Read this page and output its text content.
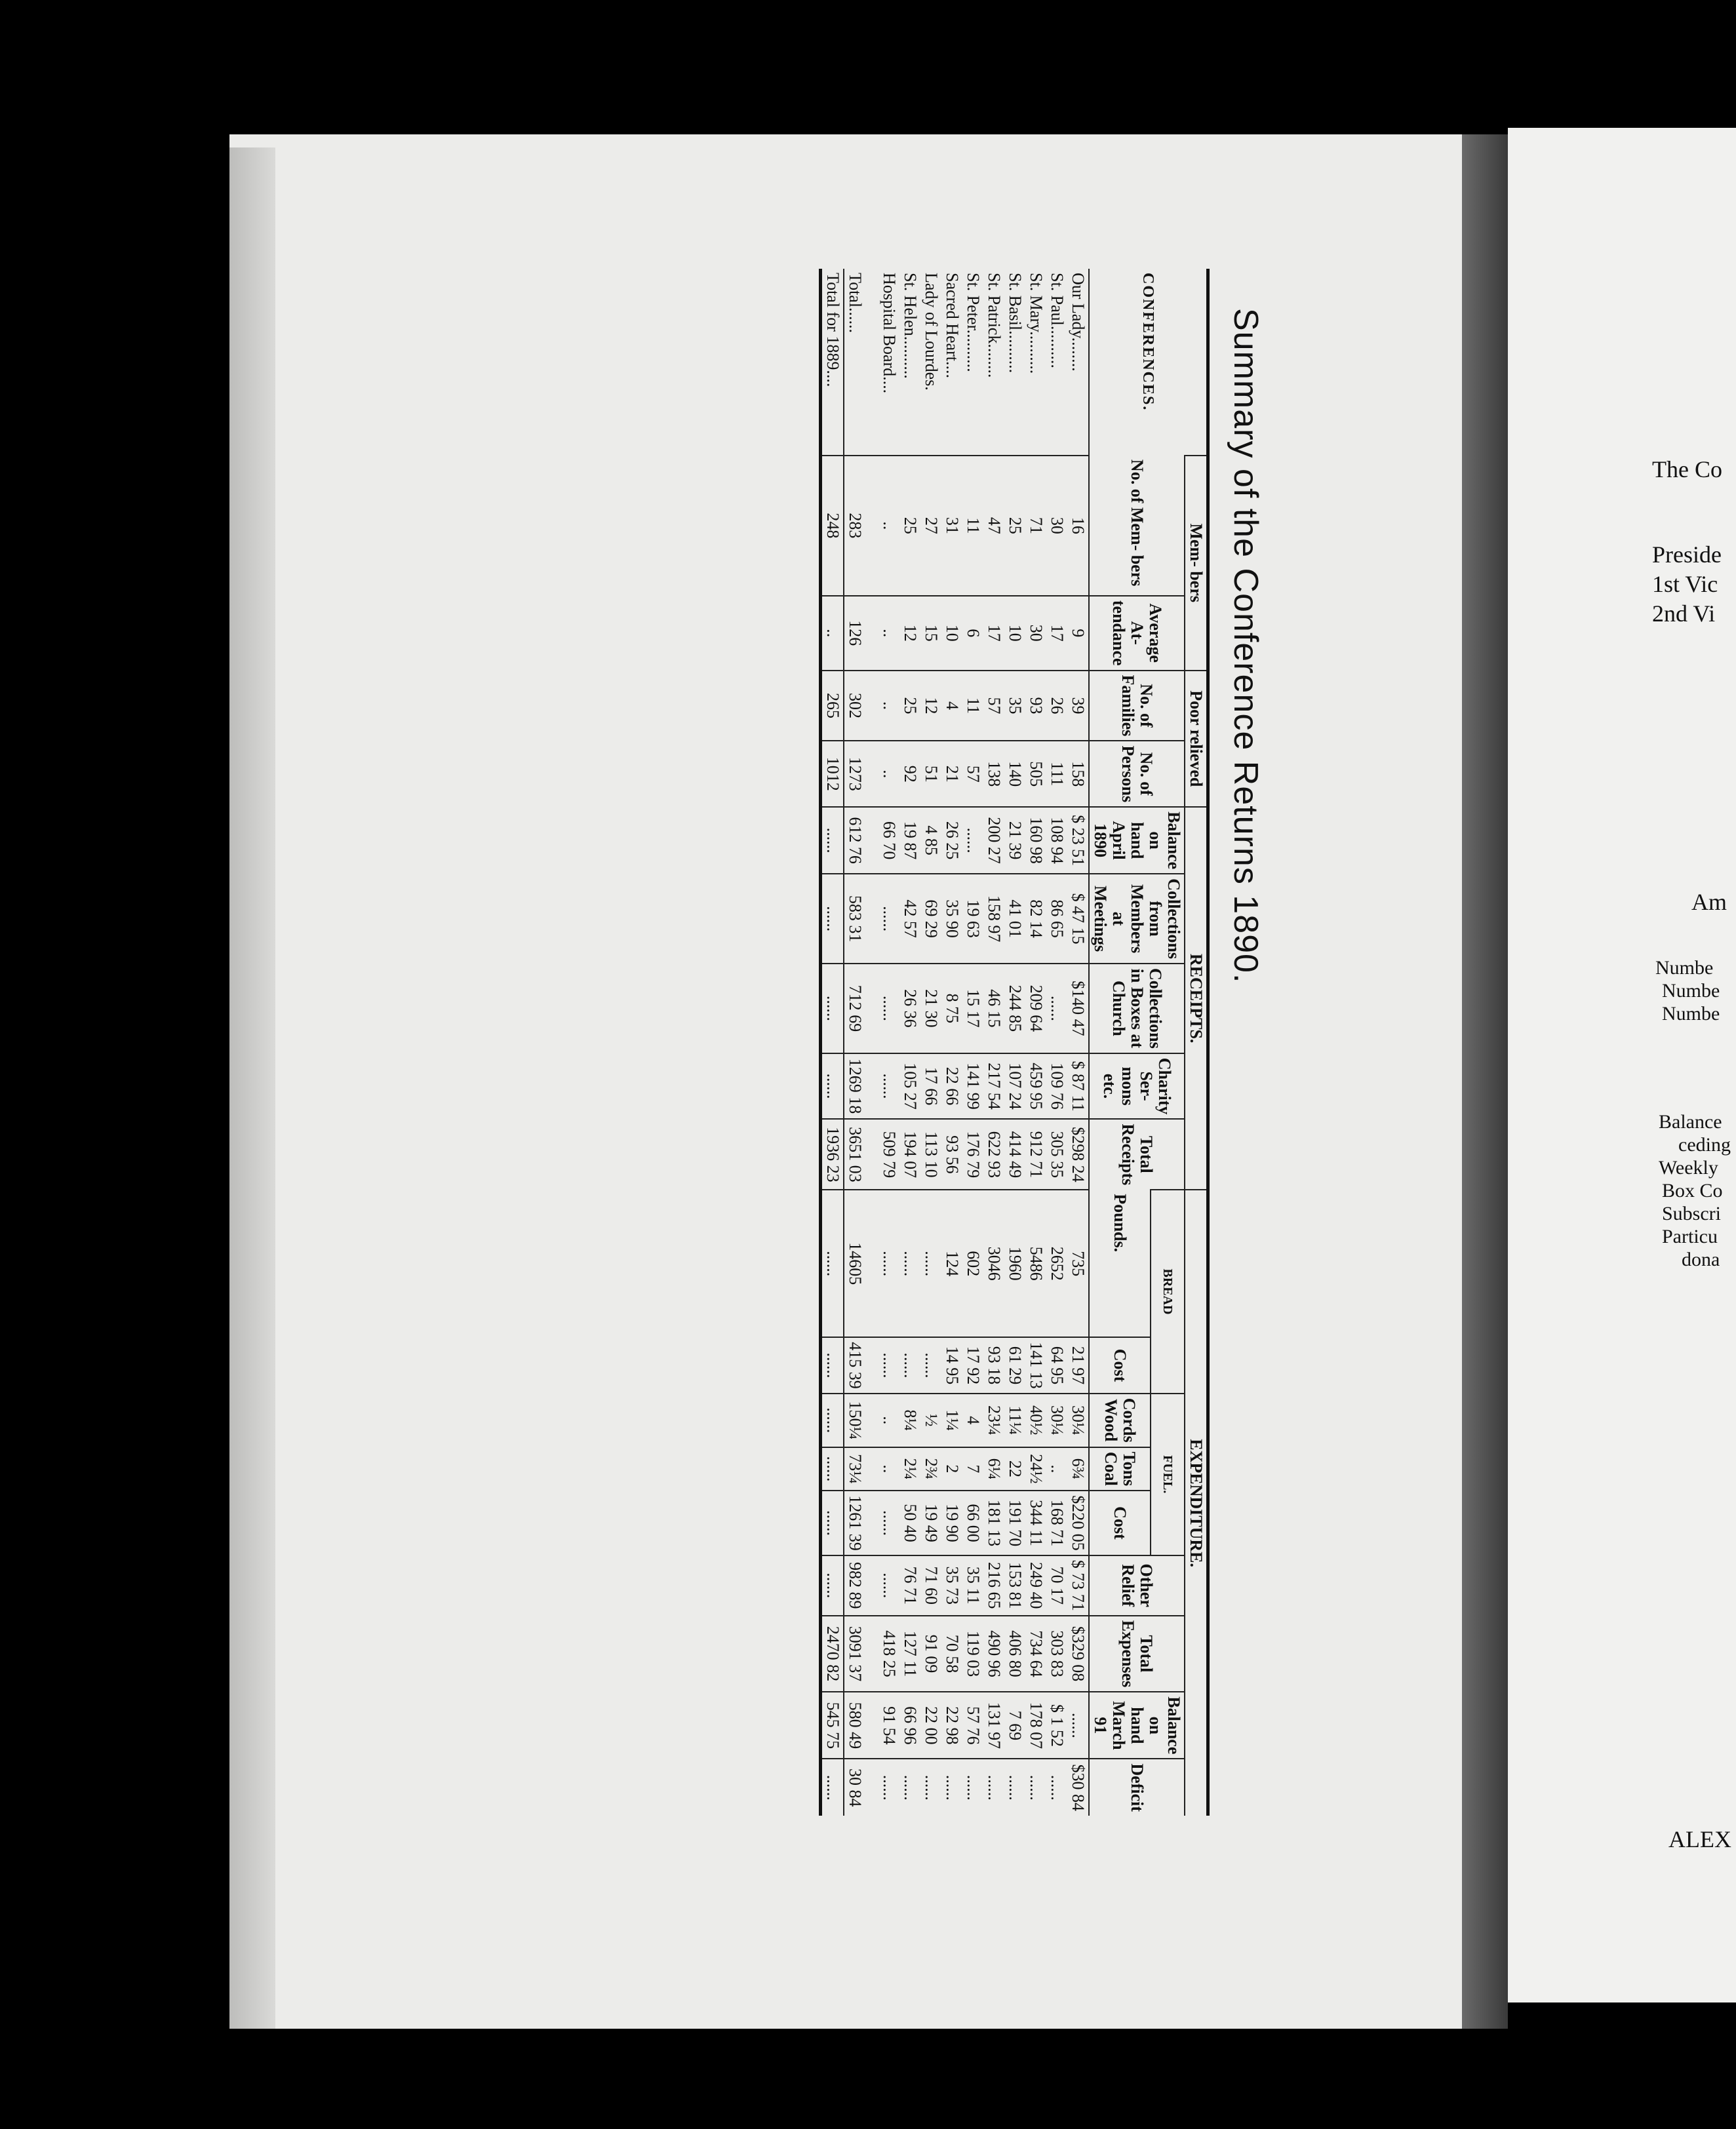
The Co
Preside
1st Vic
2nd Vi
Am
Numbe
Numbe
Numbe
Balance
ceding
Weekly
Box Co
Subscri
Particu
dona
ALEX
Summary of the Conference Returns 1890.
CONFERENCES.	Mem- bers		Poor relieved		RECEIPTS.					EXPENDITURE.								
	No. of Mem- bers	Average At- tendance	No. of Families	No. of Persons	Balance on hand April 1890	Collections from Members at Meetings	Collections in Boxes at Church	Charity Ser- mons etc.	Total Receipts	BREAD		FUEL.			Other Relief	Total Expenses	Balance on hand March 91	Deficit
										Pounds.	Cost	Cords Wood	Tons Coal	Cost				
Our Lady........	16	9	39	158	$ 23 51	$ 47 15	$140 47	$ 87 11	$298 24	735	21 97	30¼	6¾	$220 05	$ 73 71	$329 08	......	$30 84
St. Paul..........	30	17	26	111	108 94	86 65	......	109 76	305 35	2652	64 95	30¼	..	168 71	70 17	303 83	$ 1 52	......
St. Mary..........	71	30	93	505	160 98	82 14	209 64	459 95	912 71	5486	141 13	40½	24½	344 11	249 40	734 64	178 07	......
St. Basil..........	25	10	35	140	21 39	41 01	244 85	107 24	414 49	1960	61 29	11¼	22	191 70	153 81	406 80	7 69	......
St. Patrick........	47	17	57	138	200 27	158 97	46 15	217 54	622 93	3046	93 18	23¼	6¼	181 13	216 65	490 96	131 97	......
St. Peter..........	11	6	11	57	......	19 63	15 17	141 99	176 79	602	17 92	4	7	66 00	35 11	119 03	57 76	......
Sacred Heart....	31	10	4	21	26 25	35 90	8 75	22 66	93 56	124	14 95	1¼	2	19 90	35 73	70 58	22 98	......
Lady of Lourdes.	27	15	12	51	4 85	69 29	21 30	17 66	113 10	......	......	½	2¾	19 49	71 60	91 09	22 00	......
St. Helen..........	25	12	25	92	19 87	42 57	26 36	105 27	194 07	......	......	8¼	2¼	50 40	76 71	127 11	66 96	......
Hospital Board....	..	..	..	..	66 70	......	......	......	509 79	......	......	..	..	......	......	418 25	91 54	......
Total......	283	126	302	1273	612 76	583 31	712 69	1269 18	3651 03	14605	415 39	150¼	73¼	1261 39	982 89	3091 37	580 49	30 84
Total for 1889....	248	..	265	1012	......	......	......	......	1936 23	......	......	......	......	......	......	2470 82	545 75	......
